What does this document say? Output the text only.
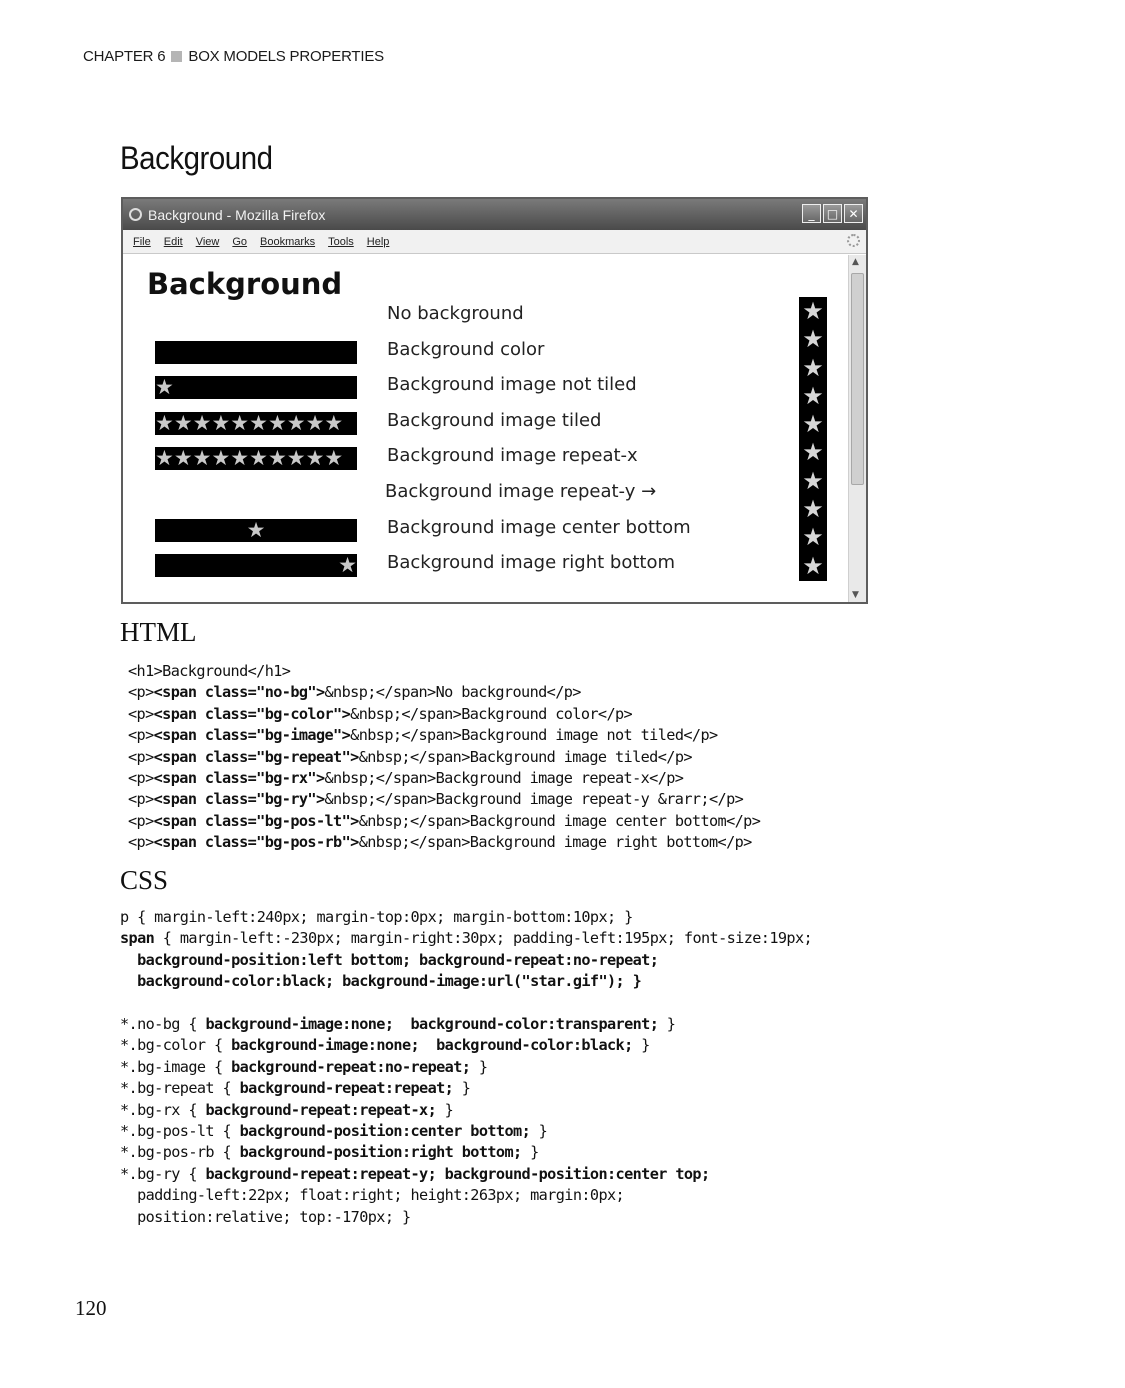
CHAPTER 6 BOX MODELS PROPERTIES
Background
Background - Mozilla Firefox	_	□ ✕
File Edit View Go Bookmarks Tools Help
Background
No background
Background color
Background image not tiled
★
Background image tiled
★★★★★★★★★★
Background image repeat-x
★★★★★★★★★★
Background image repeat-y →
Background image center bottom
★
Background image right bottom
★
★
★
★
★
★
★
★
★
★
★
▲
▼
HTML
<h1>Background</h1>
<p><span class="no-bg">&nbsp;</span>No background</p>
<p><span class="bg-color">&nbsp;</span>Background color</p>
<p><span class="bg-image">&nbsp;</span>Background image not tiled</p>
<p><span class="bg-repeat">&nbsp;</span>Background image tiled</p>
<p><span class="bg-rx">&nbsp;</span>Background image repeat-x</p>
<p><span class="bg-ry">&nbsp;</span>Background image repeat-y &rarr;</p>
<p><span class="bg-pos-lt">&nbsp;</span>Background image center bottom</p>
<p><span class="bg-pos-rb">&nbsp;</span>Background image right bottom</p>
CSS
p { margin-left:240px; margin-top:0px; margin-bottom:10px; }
span { margin-left:-230px; margin-right:30px; padding-left:195px; font-size:19px;
background-position:left bottom; background-repeat:no-repeat;
background-color:black; background-image:url("star.gif"); }
*.no-bg { background-image:none;  background-color:transparent; }
*.bg-color { background-image:none;  background-color:black; }
*.bg-image { background-repeat:no-repeat; }
*.bg-repeat { background-repeat:repeat; }
*.bg-rx { background-repeat:repeat-x; }
*.bg-pos-lt { background-position:center bottom; }
*.bg-pos-rb { background-position:right bottom; }
*.bg-ry { background-repeat:repeat-y; background-position:center top;
padding-left:22px; float:right; height:263px; margin:0px;
position:relative; top:-170px; }
120
